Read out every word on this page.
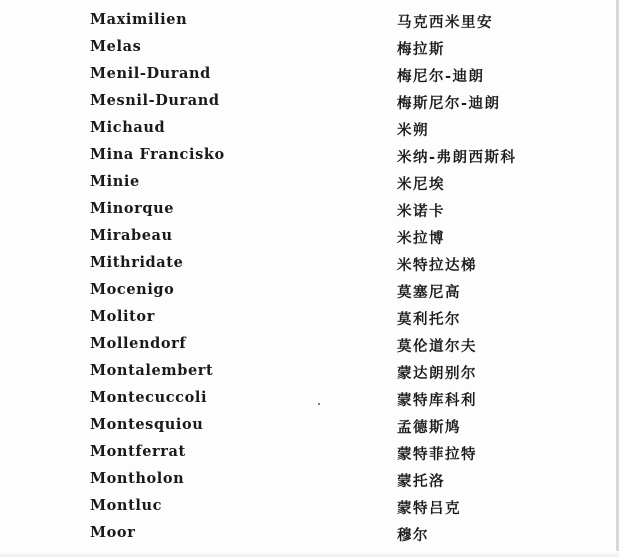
Maximilien	马克西米里安
Melas	梅拉斯
Menil-Durand	梅尼尔-迪朗
Mesnil-Durand	梅斯尼尔-迪朗
Michaud	米朔
Mina Francisko	米纳-弗朗西斯科
Minie	米尼埃
Minorque	米诺卡
Mirabeau	米拉博
Mithridate	米特拉达梯
Mocenigo	莫塞尼高
Molitor	莫利托尔
Mollendorf	莫伦道尔夫
Montalembert	蒙达朗别尔
Montecuccoli	蒙特库科利
Montesquiou	孟德斯鸠
Montferrat	蒙特菲拉特
Montholon	蒙托洛
Montluc	蒙特吕克
Moor	穆尔
